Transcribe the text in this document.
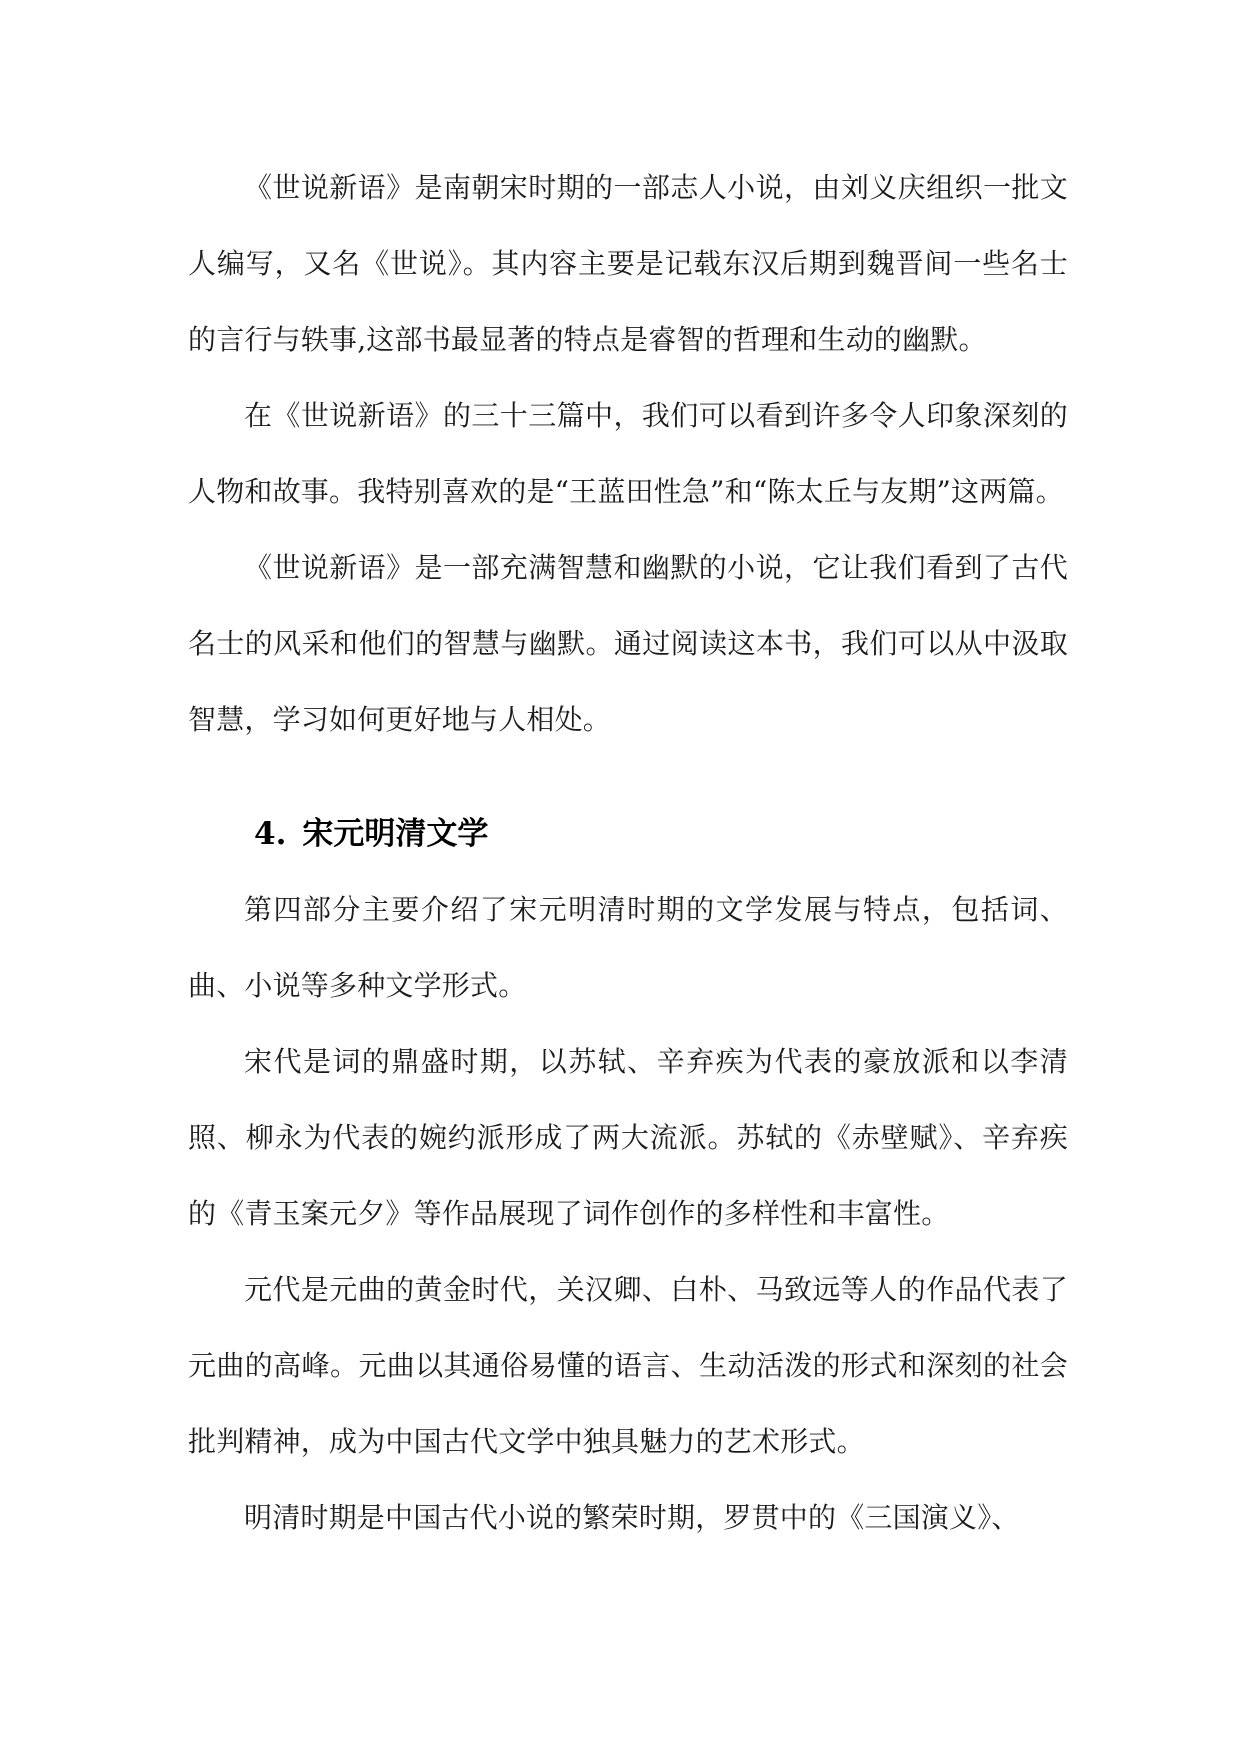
《世说新语》是南朝宋时期的一部志人小说，由刘义庆组织一批文人编写，又名《世说》。其内容主要是记载东汉后期到魏晋间一些名士的言行与轶事,这部书最显著的特点是睿智的哲理和生动的幽默。

在《世说新语》的三十三篇中，我们可以看到许多令人印象深刻的人物和故事。我特别喜欢的是“王蓝田性急”和“陈太丘与友期”这两篇。

《世说新语》是一部充满智慧和幽默的小说，它让我们看到了古代名士的风采和他们的智慧与幽默。通过阅读这本书，我们可以从中汲取智慧，学习如何更好地与人相处。

4. 宋元明清文学

第四部分主要介绍了宋元明清时期的文学发展与特点，包括词、曲、小说等多种文学形式。

宋代是词的鼎盛时期，以苏轼、辛弃疾为代表的豪放派和以李清照、柳永为代表的婉约派形成了两大流派。苏轼的《赤壁赋》、辛弃疾的《青玉案元夕》等作品展现了词作创作的多样性和丰富性。

元代是元曲的黄金时代，关汉卿、白朴、马致远等人的作品代表了元曲的高峰。元曲以其通俗易懂的语言、生动活泼的形式和深刻的社会批判精神，成为中国古代文学中独具魅力的艺术形式。

明清时期是中国古代小说的繁荣时期，罗贯中的《三国演义》、
